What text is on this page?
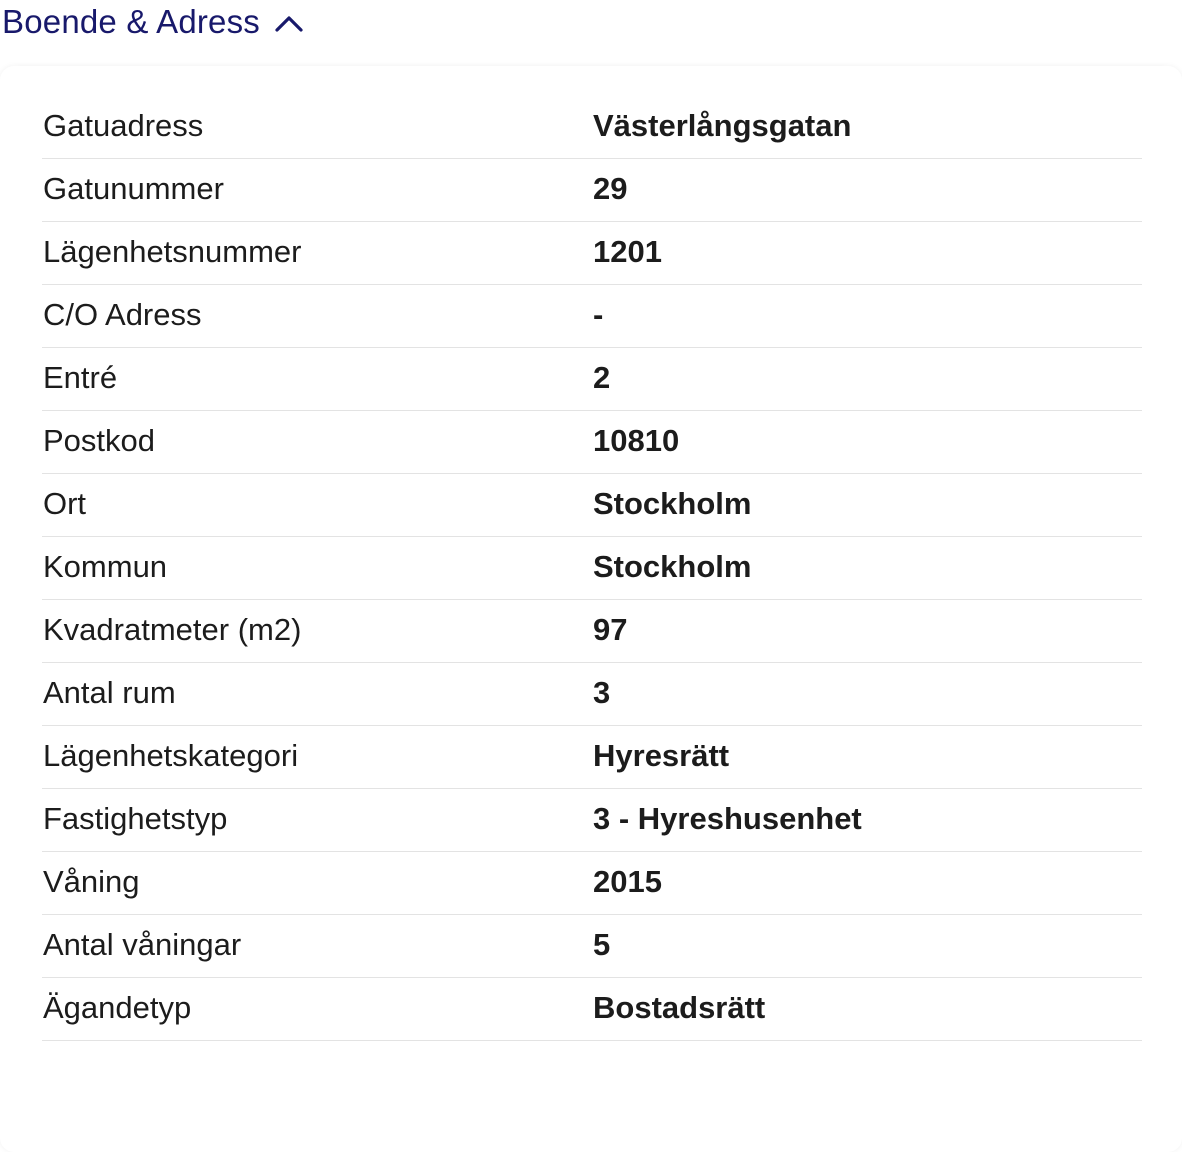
Boende & Adress
Gatuadress	Västerlångsgatan
Gatunummer	29
Lägenhetsnummer	1201
C/O Adress	-
Entré	2
Postkod	10810
Ort	Stockholm
Kommun	Stockholm
Kvadratmeter (m2)	97
Antal rum	3
Lägenhetskategori	Hyresrätt
Fastighetstyp	3 - Hyreshusenhet
Våning	2015
Antal våningar	5
Ägandetyp	Bostadsrätt
